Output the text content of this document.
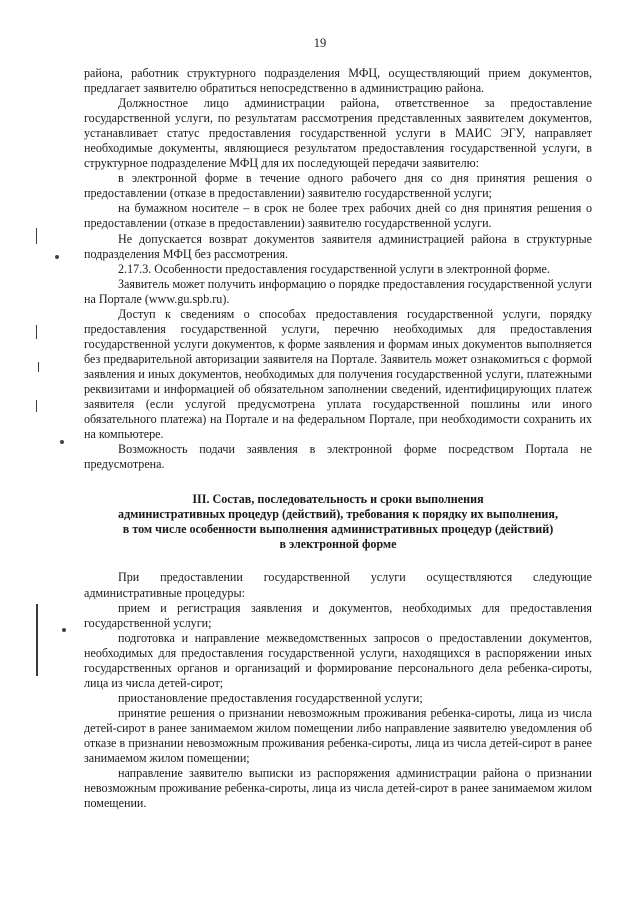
19

района, работник структурного подразделения МФЦ, осуществляющий прием документов, предлагает заявителю обратиться непосредственно в администрацию района.

Должностное лицо администрации района, ответственное за предоставление государственной услуги, по результатам рассмотрения представленных заявителем документов, устанавливает статус предоставления государственной услуги в МАИС ЭГУ, направляет необходимые документы, являющиеся результатом предоставления государственной услуги, в структурное подразделение МФЦ для их последующей передачи заявителю:

в электронной форме в течение одного рабочего дня со дня принятия решения о предоставлении (отказе в предоставлении) заявителю государственной услуги;

на бумажном носителе – в срок не более трех рабочих дней со дня принятия решения о предоставлении (отказе в предоставлении) заявителю государственной услуги.

Не допускается возврат документов заявителя администрацией района в структурные подразделения МФЦ без рассмотрения.

2.17.3. Особенности предоставления государственной услуги в электронной форме.

Заявитель может получить информацию о порядке предоставления государственной услуги на Портале (www.gu.spb.ru).

Доступ к сведениям о способах предоставления государственной услуги, порядку предоставления государственной услуги, перечню необходимых для предоставления государственной услуги документов, к форме заявления и формам иных документов выполняется без предварительной авторизации заявителя на Портале. Заявитель может ознакомиться с формой заявления и иных документов, необходимых для получения государственной услуги, платежными реквизитами и информацией об обязательном заполнении сведений, идентифицирующих платеж заявителя (если услугой предусмотрена уплата государственной пошлины или иного обязательного платежа) на Портале и на федеральном Портале, при необходимости сохранить их на компьютере.

Возможность подачи заявления в электронной форме посредством Портала не предусмотрена.

III. Состав, последовательность и сроки выполнения
административных процедур (действий), требования к порядку их выполнения,
в том числе особенности выполнения административных процедур (действий)
в электронной форме

При предоставлении государственной услуги осуществляются следующие административные процедуры:

прием и регистрация заявления и документов, необходимых для предоставления государственной услуги;

подготовка и направление межведомственных запросов о предоставлении документов, необходимых для предоставления государственной услуги, находящихся в распоряжении иных государственных органов и организаций и формирование персонального дела ребенка-сироты, лица из числа детей-сирот;

приостановление предоставления государственной услуги;

принятие решения о признании невозможным проживания ребенка-сироты, лица из числа детей-сирот в ранее занимаемом жилом помещении либо направление заявителю уведомления об отказе в признании невозможным проживания ребенка-сироты, лица из числа детей-сирот в ранее занимаемом жилом помещении;

направление заявителю выписки из распоряжения администрации района о признании невозможным проживание ребенка-сироты, лица из числа детей-сирот в ранее занимаемом жилом помещении.
